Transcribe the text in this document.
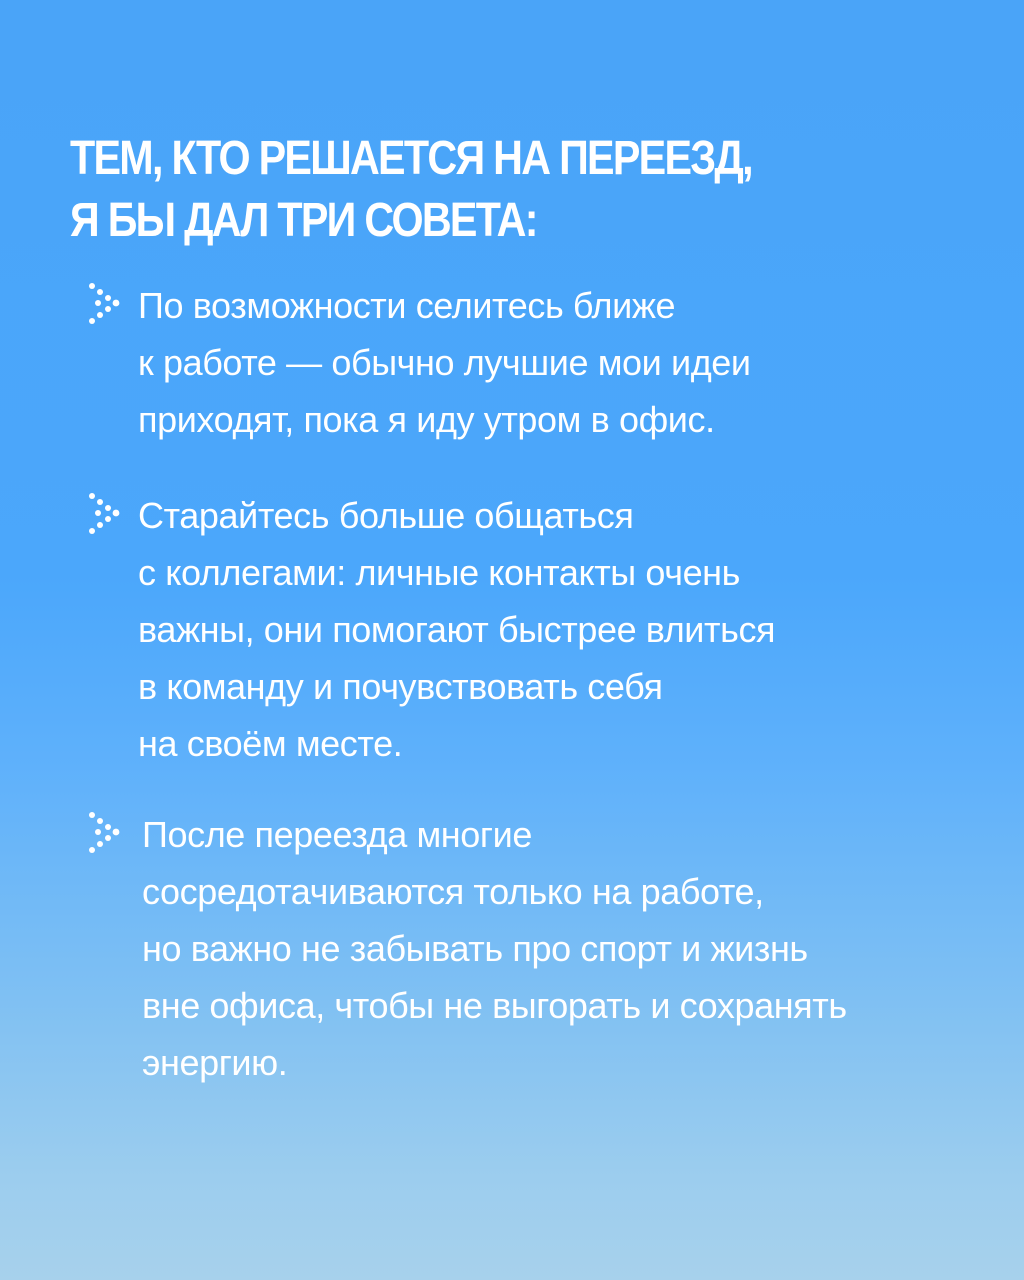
ТЕМ, КТО РЕШАЕТСЯ НА ПЕРЕЕЗД,
Я БЫ ДАЛ ТРИ СОВЕТА:
По возможности селитесь ближе
к работе — обычно лучшие мои идеи
приходят, пока я иду утром в офис.
Старайтесь больше общаться
с коллегами: личные контакты очень
важны, они помогают быстрее влиться
в команду и почувствовать себя
на своём месте.
После переезда многие
сосредотачиваются только на работе,
но важно не забывать про спорт и жизнь
вне офиса, чтобы не выгорать и сохранять
энергию.
